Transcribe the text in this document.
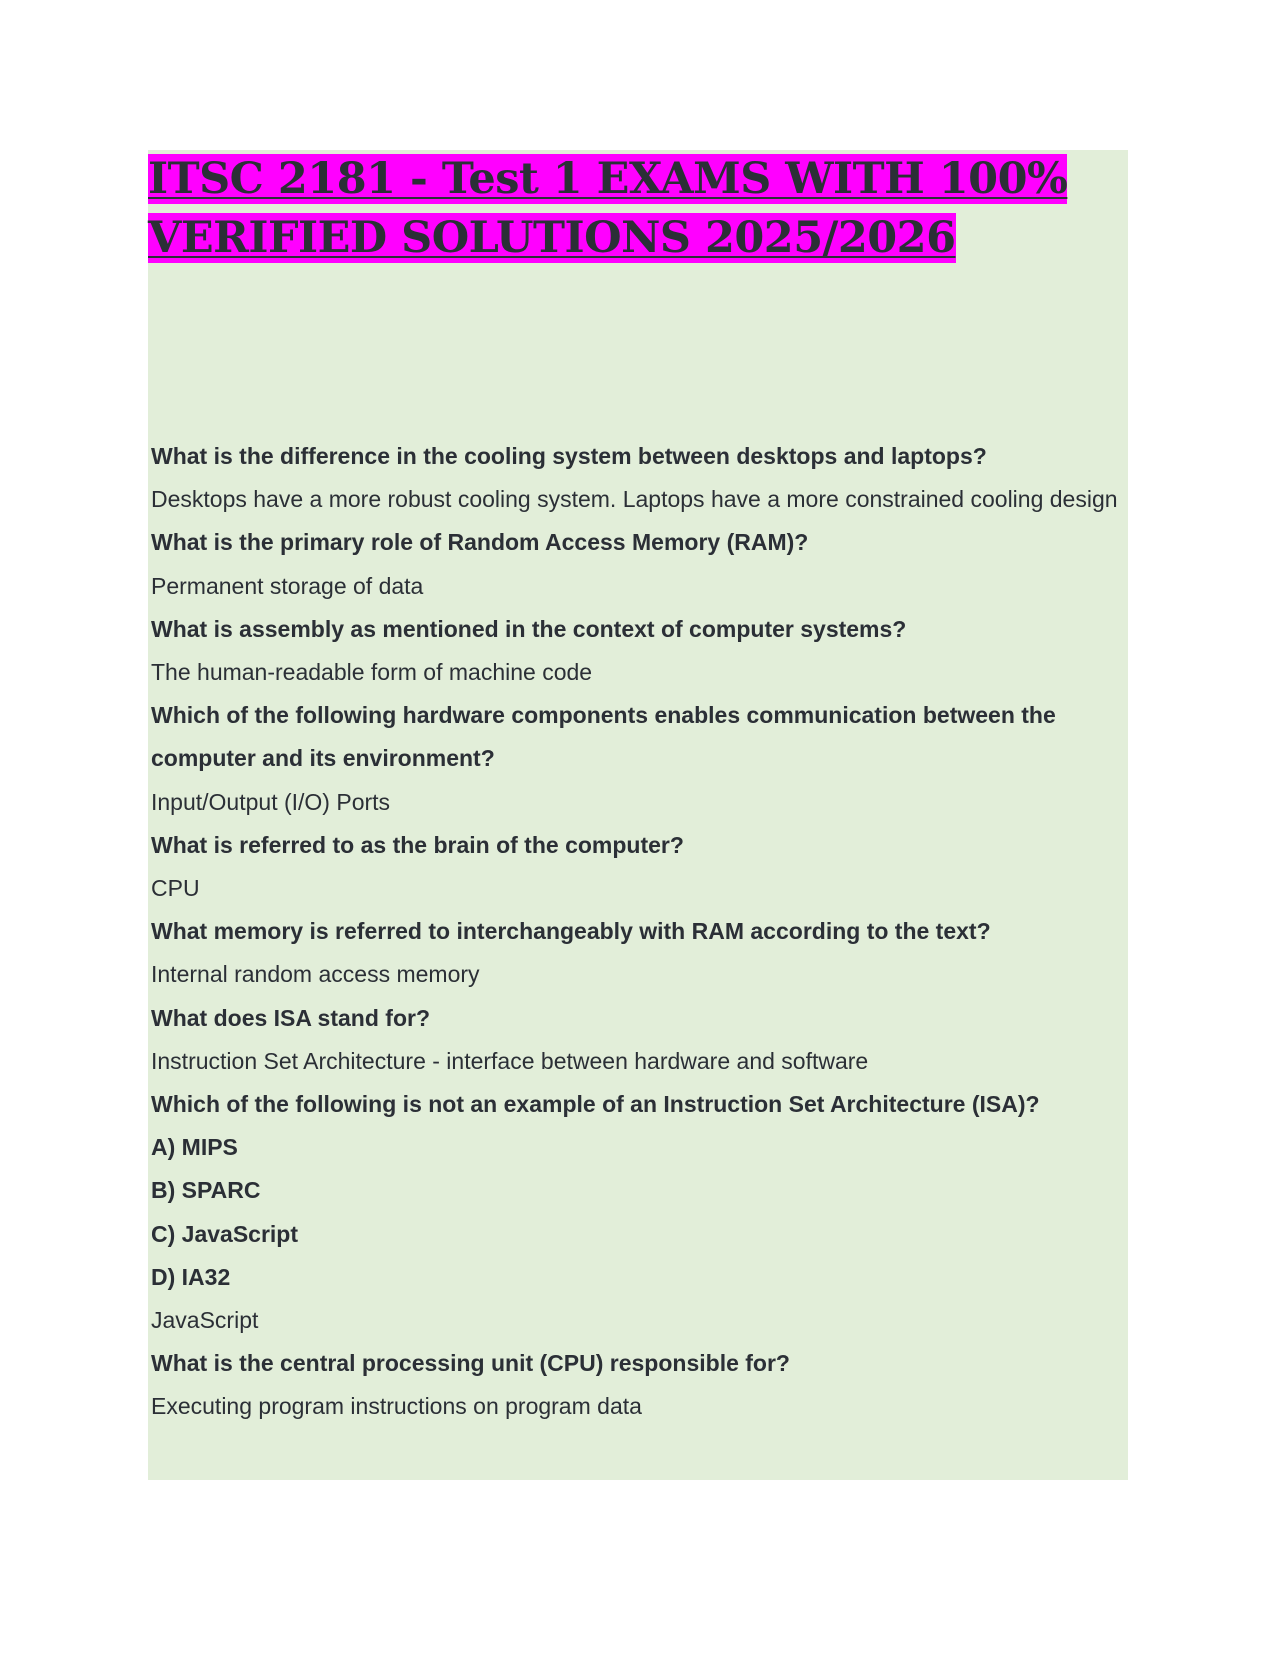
ITSC 2181 - Test 1 EXAMS WITH 100%
VERIFIED SOLUTIONS 2025/2026

What is the difference in the cooling system between desktops and laptops?

Desktops have a more robust cooling system. Laptops have a more constrained cooling design

What is the primary role of Random Access Memory (RAM)?

Permanent storage of data

What is assembly as mentioned in the context of computer systems?

The human-readable form of machine code

Which of the following hardware components enables communication between the computer and its environment?

Input/Output (I/O) Ports

What is referred to as the brain of the computer?

CPU

What memory is referred to interchangeably with RAM according to the text?

Internal random access memory

What does ISA stand for?

Instruction Set Architecture - interface between hardware and software

Which of the following is not an example of an Instruction Set Architecture (ISA)?

A) MIPS

B) SPARC

C) JavaScript

D) IA32

JavaScript

What is the central processing unit (CPU) responsible for?

Executing program instructions on program data
